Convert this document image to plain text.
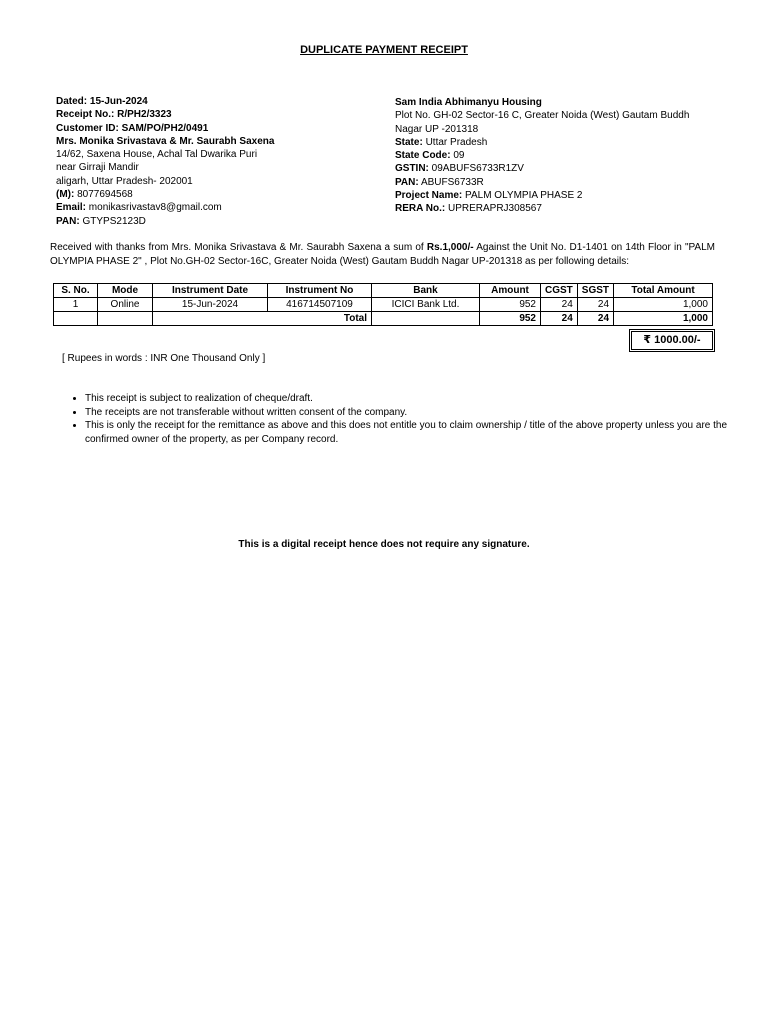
DUPLICATE PAYMENT RECEIPT
Dated: 15-Jun-2024
Receipt No.: R/PH2/3323
Customer ID: SAM/PO/PH2/0491
Mrs. Monika Srivastava & Mr. Saurabh Saxena
14/62, Saxena House, Achal Tal Dwarika Puri
near Girraji Mandir
aligarh, Uttar Pradesh- 202001
(M): 8077694568
Email: monikasrivastav8@gmail.com
PAN: GTYPS2123D
Sam India Abhimanyu Housing
Plot No. GH-02 Sector-16 C, Greater Noida (West) Gautam Buddh Nagar UP -201318
State: Uttar Pradesh
State Code: 09
GSTIN: 09ABUFS6733R1ZV
PAN: ABUFS6733R
Project Name: PALM OLYMPIA PHASE 2
RERA No.: UPRERAPRJ308567
Received with thanks from Mrs. Monika Srivastava & Mr. Saurabh Saxena a sum of Rs.1,000/- Against the Unit No. D1-1401 on 14th Floor in "PALM OLYMPIA PHASE 2" , Plot No.GH-02 Sector-16C, Greater Noida (West) Gautam Buddh Nagar UP-201318 as per following details:
S. No.	Mode	Instrument Date	Instrument No	Bank	Amount	CGST	SGST	Total Amount
1	Online	15-Jun-2024	416714507109	ICICI Bank Ltd.	952	24	24	1,000
		Total			952	24	24	1,000
₹ 1000.00/-
[ Rupees in words : INR One Thousand Only ]
• This receipt is subject to realization of cheque/draft.
• The receipts are not transferable without written consent of the company.
• This is only the receipt for the remittance as above and this does not entitle you to claim ownership / title of the above property unless you are the confirmed owner of the property, as per Company record.
This is a digital receipt hence does not require any signature.
